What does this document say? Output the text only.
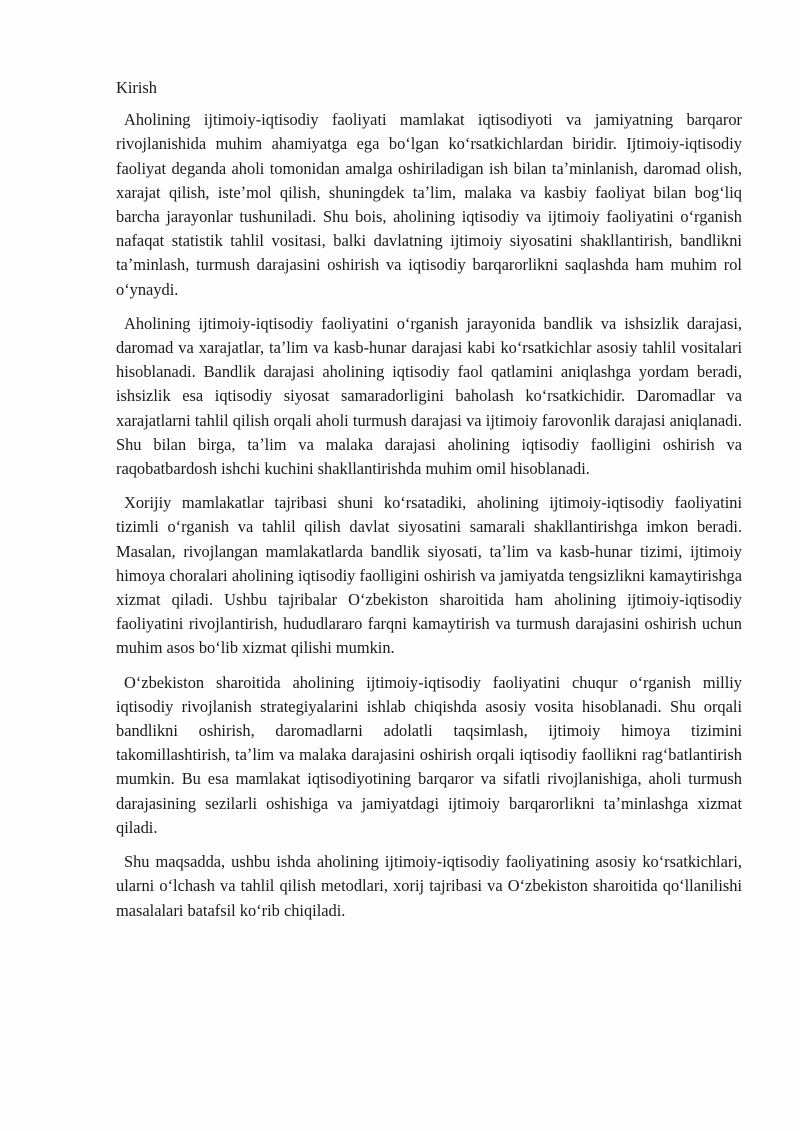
Kirish

Aholining ijtimoiy-iqtisodiy faoliyati mamlakat iqtisodiyoti va jamiyatning barqaror rivojlanishida muhim ahamiyatga ega boʻlgan koʻrsatkichlardan biridir. Ijtimoiy-iqtisodiy faoliyat deganda aholi tomonidan amalga oshiriladigan ish bilan taʼminlanish, daromad olish, xarajat qilish, isteʼmol qilish, shuningdek taʼlim, malaka va kasbiy faoliyat bilan bogʻliq barcha jarayonlar tushuniladi. Shu bois, aholining iqtisodiy va ijtimoiy faoliyatini oʻrganish nafaqat statistik tahlil vositasi, balki davlatning ijtimoiy siyosatini shakllantirish, bandlikni taʼminlash, turmush darajasini oshirish va iqtisodiy barqarorlikni saqlashda ham muhim rol oʻynaydi.

Aholining ijtimoiy-iqtisodiy faoliyatini oʻrganish jarayonida bandlik va ishsizlik darajasi, daromad va xarajatlar, taʼlim va kasb-hunar darajasi kabi koʻrsatkichlar asosiy tahlil vositalari hisoblanadi. Bandlik darajasi aholining iqtisodiy faol qatlamini aniqlashga yordam beradi, ishsizlik esa iqtisodiy siyosat samaradorligini baholash koʻrsatkichidir. Daromadlar va xarajatlarni tahlil qilish orqali aholi turmush darajasi va ijtimoiy farovonlik darajasi aniqlanadi. Shu bilan birga, taʼlim va malaka darajasi aholining iqtisodiy faolligini oshirish va raqobatbardosh ishchi kuchini shakllantirishda muhim omil hisoblanadi.

Xorijiy mamlakatlar tajribasi shuni koʻrsatadiki, aholining ijtimoiy-iqtisodiy faoliyatini tizimli oʻrganish va tahlil qilish davlat siyosatini samarali shakllantirishga imkon beradi. Masalan, rivojlangan mamlakatlarda bandlik siyosati, taʼlim va kasb-hunar tizimi, ijtimoiy himoya choralari aholining iqtisodiy faolligini oshirish va jamiyatda tengsizlikni kamaytirishga xizmat qiladi. Ushbu tajribalar Oʻzbekiston sharoitida ham aholining ijtimoiy-iqtisodiy faoliyatini rivojlantirish, hududlararo farqni kamaytirish va turmush darajasini oshirish uchun muhim asos boʻlib xizmat qilishi mumkin.

Oʻzbekiston sharoitida aholining ijtimoiy-iqtisodiy faoliyatini chuqur oʻrganish milliy iqtisodiy rivojlanish strategiyalarini ishlab chiqishda asosiy vosita hisoblanadi. Shu orqali bandlikni oshirish, daromadlarni adolatli taqsimlash, ijtimoiy himoya tizimini takomillashtirish, taʼlim va malaka darajasini oshirish orqali iqtisodiy faollikni ragʻbatlantirish mumkin. Bu esa mamlakat iqtisodiyotining barqaror va sifatli rivojlanishiga, aholi turmush darajasining sezilarli oshishiga va jamiyatdagi ijtimoiy barqarorlikni taʼminlashga xizmat qiladi.

Shu maqsadda, ushbu ishda aholining ijtimoiy-iqtisodiy faoliyatining asosiy koʻrsatkichlari, ularni oʻlchash va tahlil qilish metodlari, xorij tajribasi va Oʻzbekiston sharoitida qoʻllanilishi masalalari batafsil koʻrib chiqiladi.
